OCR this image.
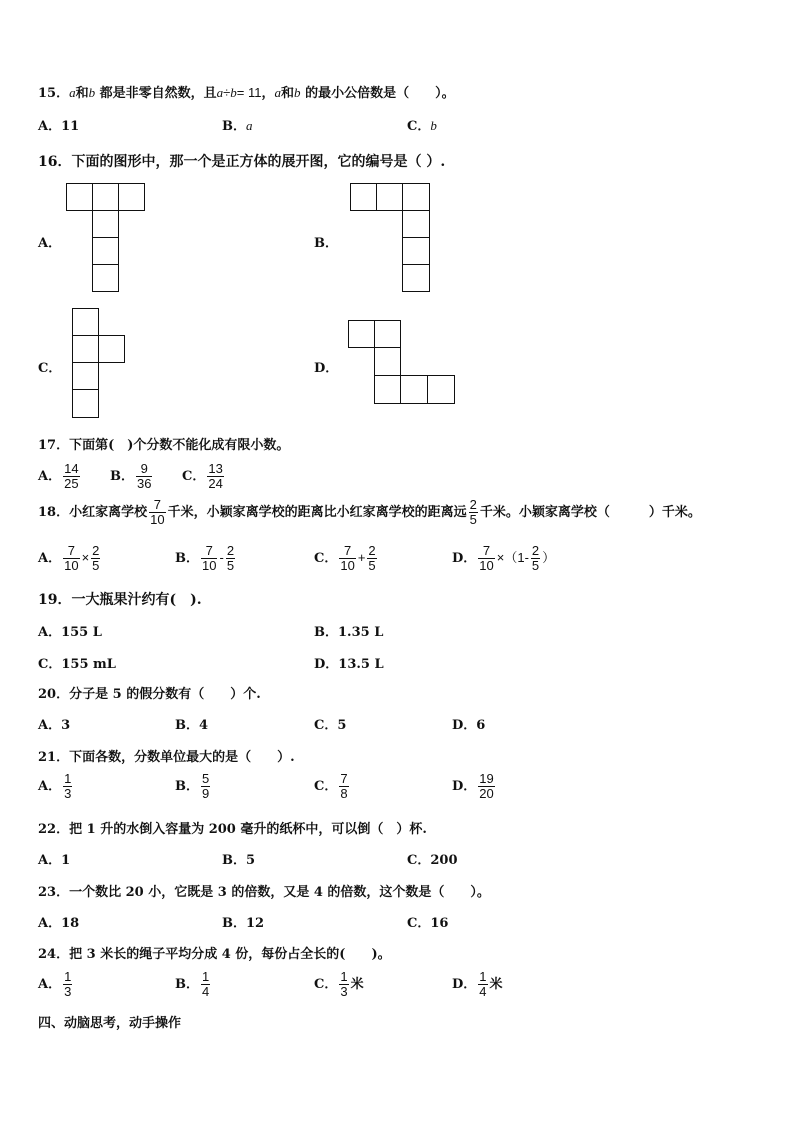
15．a和b 都是非零自然数，且a÷b= 11，a和b 的最小公倍数是（　　）。
A．11	B．a	C．b
16．下面的图形中，那一个是正方体的展开图，它的编号是（ ）.
A．	B．
C．	D．
17．下面第(　)个分数不能化成有限小数。
A． $\frac{14}{25}$ B． $\frac{9}{36}$ C． $\frac{13}{24}$
18．小红家离学校 $\frac{7}{10}$ 千米，小颖家离学校的距离比小红家离学校的距离远 $\frac{2}{5}$ 千米。小颖家离学校（　　　）千米。
A． $\frac{7}{10} \times \frac{2}{5}$	B． $\frac{7}{10} - \frac{2}{5}$	C． $\frac{7}{10} + \frac{2}{5}$	D． $\frac{7}{10} \times(1- \frac{2}{5}$ ）
19．一大瓶果汁约有(　).
A．155 L	B．1.35 L
C．155 mL	D．13.5 L
20．分子是 5 的假分数有（　　）个.
A．3	B．4	C．5	D．6
21．下面各数，分数单位最大的是（　　）.
A． $\frac{1}{3}$	B． $\frac{5}{9}$	C． $\frac{7}{8}$	D． $\frac{19}{20}$
22．把 1 升的水倒入容量为 200 毫升的纸杯中，可以倒（　）杯.
A．1	B．5	C．200
23．一个数比 20 小，它既是 3 的倍数，又是 4 的倍数，这个数是（　　）。
A．18	B．12	C．16
24．把 3 米长的绳子平均分成 4 份，每份占全长的(　　)。
A． $\frac{1}{3}$	B． $\frac{1}{4}$	C． $\frac{1}{3}$ 米	D． $\frac{1}{4}$ 米
四、动脑思考，动手操作
